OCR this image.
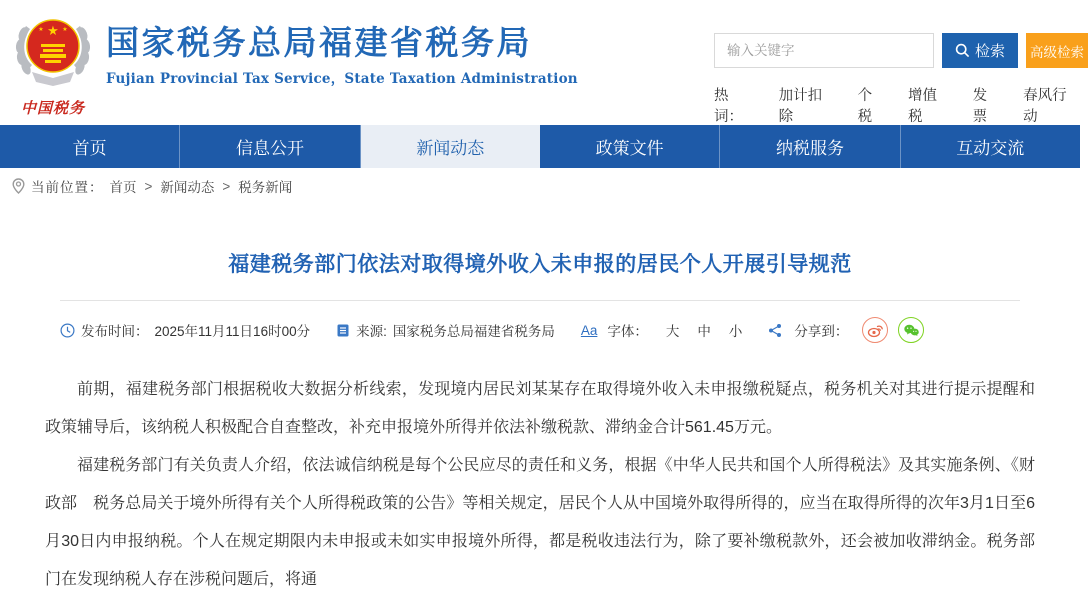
★
★	★
中国税务
国家税务总局福建省税务局
Fujian Provincial Tax Service，State Taxation Administration
输入关键字
检索 高级检索
热词：
加计扣除
个税
增值税
发票
春风行动
首页	信息公开	新闻动态	政策文件	纳税服务	互动交流
当前位置： 首页 > 新闻动态 > 税务新闻
福建税务部门依法对取得境外收入未申报的居民个人开展引导规范
发布时间： 2025年11月11日16时00分	来源: 国家税务总局福建省税务局 Aa 字体： 大 中 小	分享到：

前期，福建税务部门根据税收大数据分析线索，发现境内居民刘某某存在取得境外收入未申报缴税疑点，税务机关对其进行提示提醒和政策辅导后，该纳税人积极配合自查整改，补充申报境外所得并依法补缴税款、滞纳金合计561.45万元。

福建税务部门有关负责人介绍，依法诚信纳税是每个公民应尽的责任和义务，根据《中华人民共和国个人所得税法》及其实施条例、《财政部　税务总局关于境外所得有关个人所得税政策的公告》等相关规定，居民个人从中国境外取得所得的，应当在取得所得的次年3月1日至6月30日内申报纳税。个人在规定期限内未申报或未如实申报境外所得，都是税收违法行为，除了要补缴税款外，还会被加收滞纳金。税务部门在发现纳税人存在涉税问题后，将通
